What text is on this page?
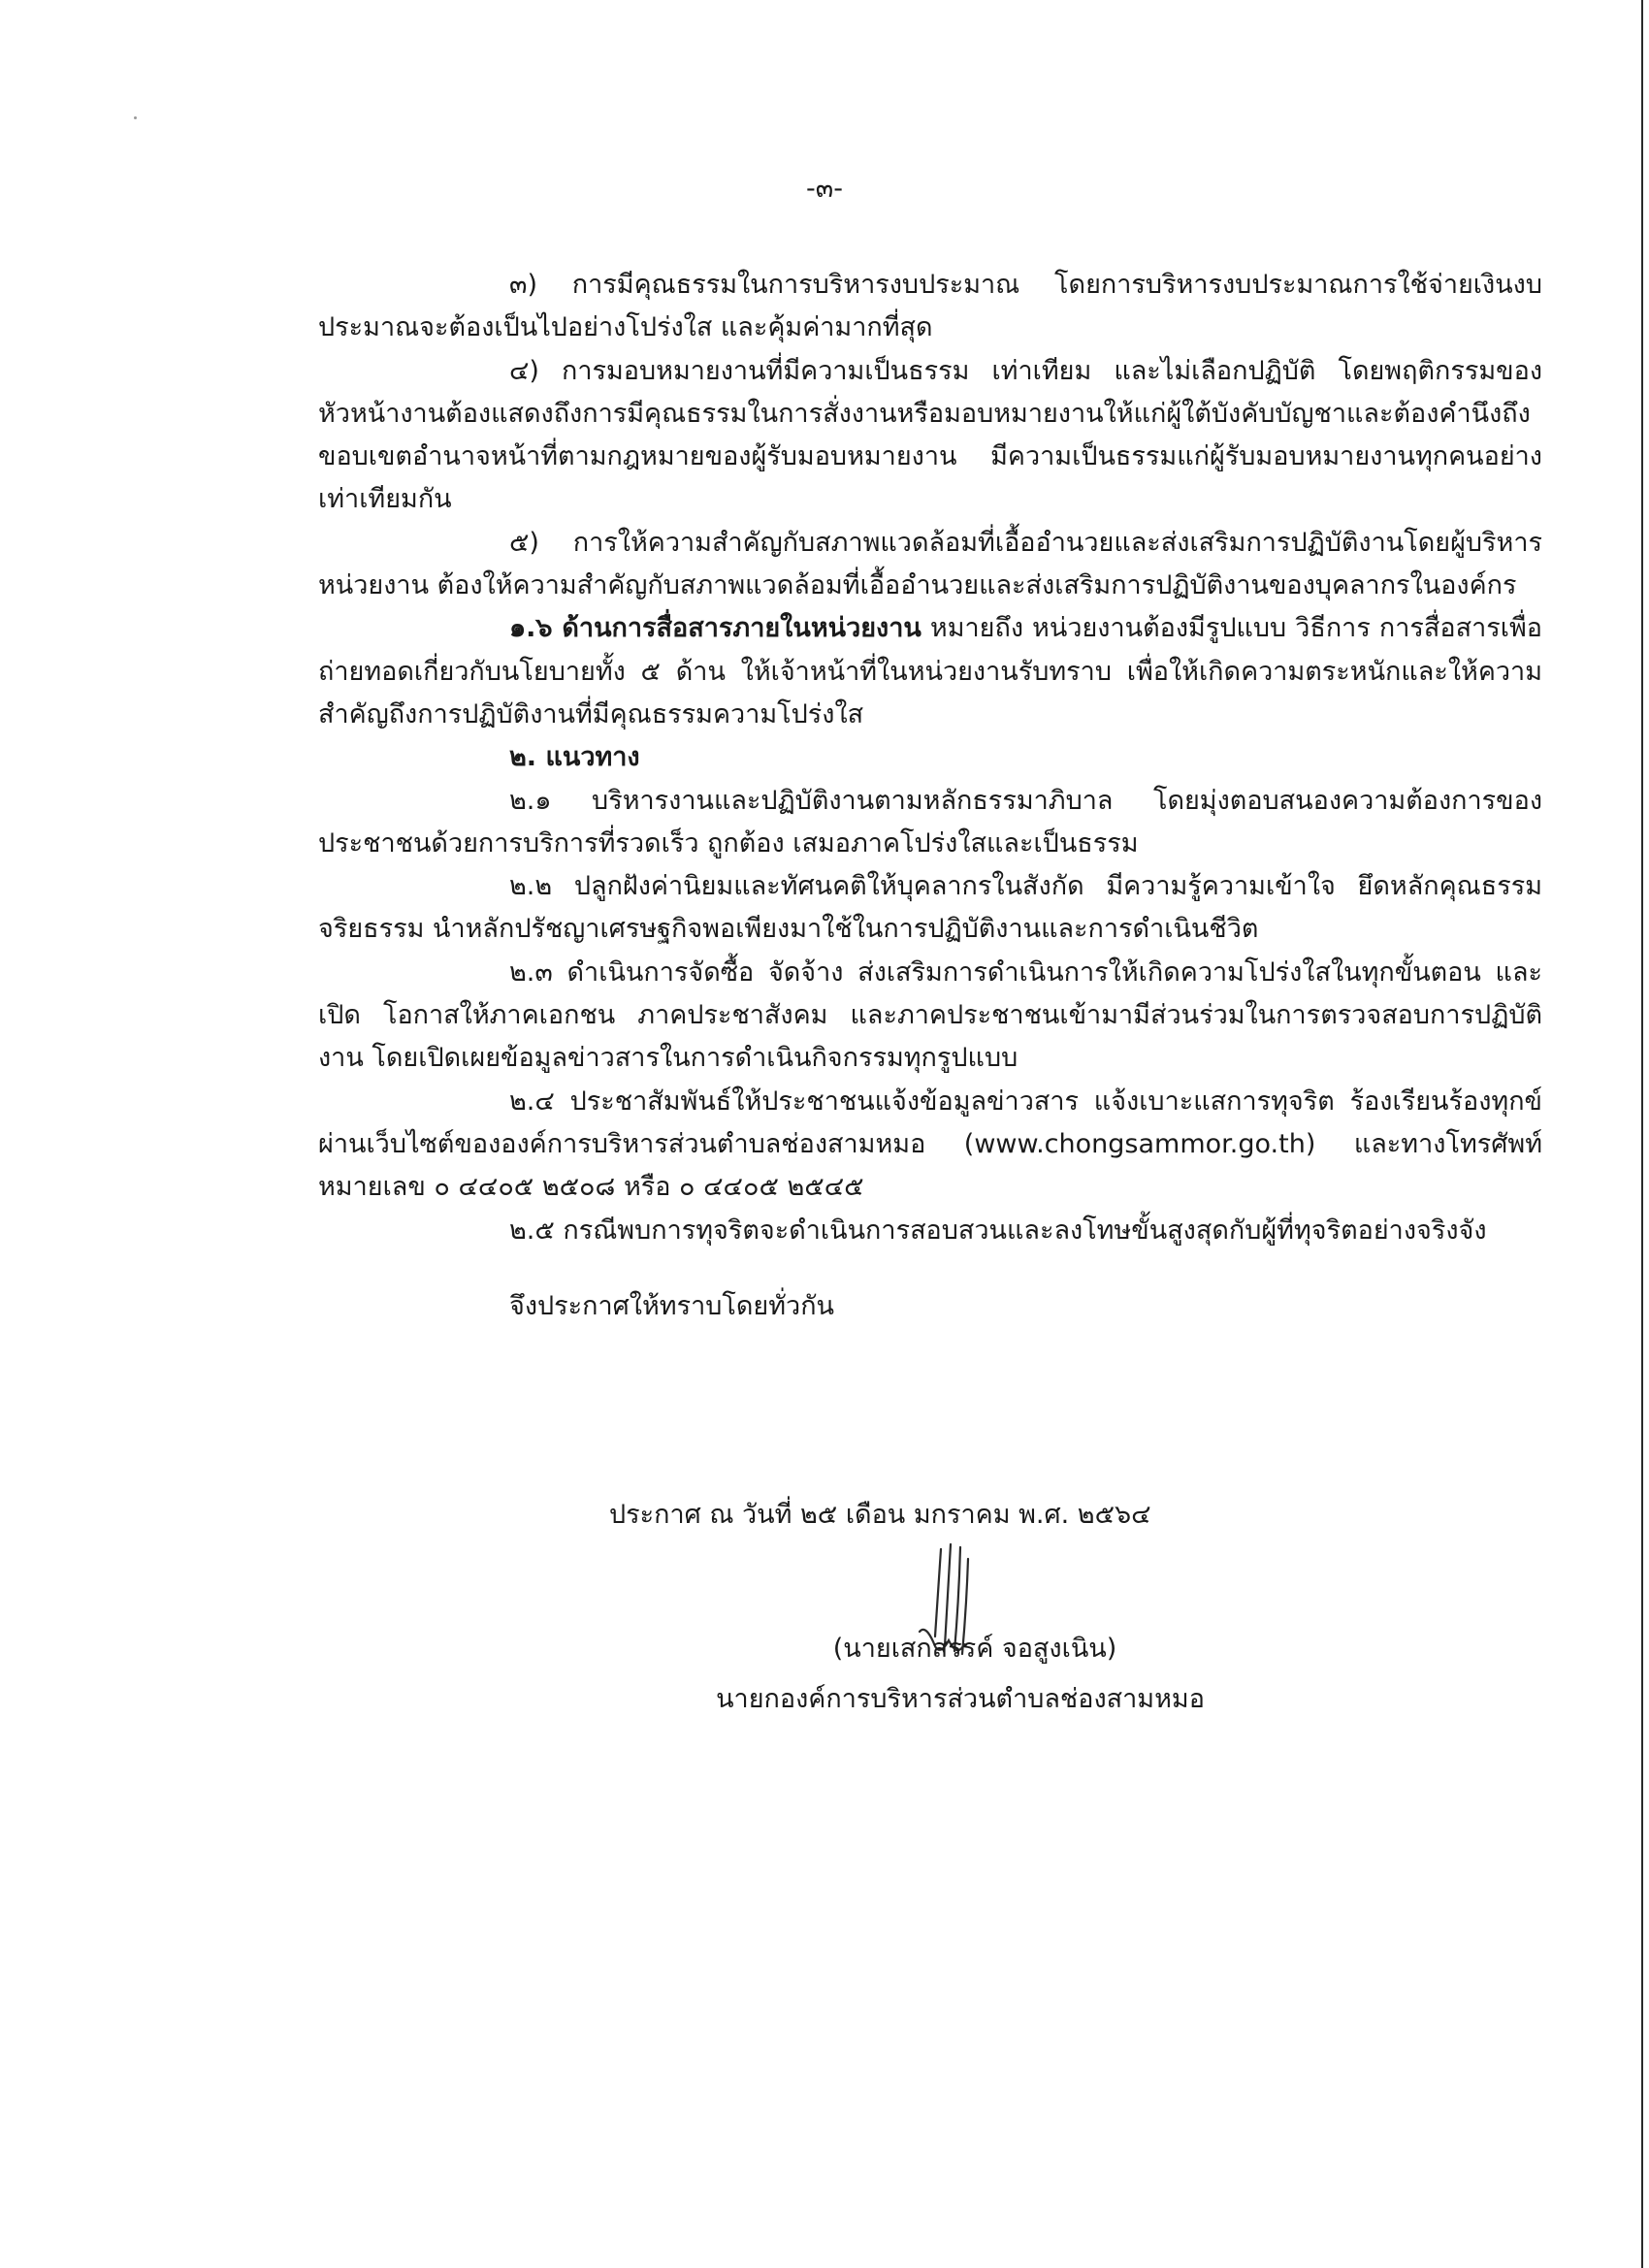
-๓-

๓) การมีคุณธรรมในการบริหารงบประมาณ โดยการบริหารงบประมาณการใช้จ่ายเงินงบประมาณจะต้องเป็นไปอย่างโปร่งใส และคุ้มค่ามากที่สุด

๔) การมอบหมายงานที่มีความเป็นธรรม เท่าเทียม และไม่เลือกปฏิบัติ โดยพฤติกรรมของหัวหน้างานต้องแสดงถึงการมีคุณธรรมในการสั่งงานหรือมอบหมายงานให้แก่ผู้ใต้บังคับบัญชาและต้องคำนึงถึงขอบเขตอำนาจหน้าที่ตามกฎหมายของผู้รับมอบหมายงาน มีความเป็นธรรมแก่ผู้รับมอบหมายงานทุกคนอย่างเท่าเทียมกัน

๕) การให้ความสำคัญกับสภาพแวดล้อมที่เอื้ออำนวยและส่งเสริมการปฏิบัติงานโดยผู้บริหารหน่วยงาน ต้องให้ความสำคัญกับสภาพแวดล้อมที่เอื้ออำนวยและส่งเสริมการปฏิบัติงานของบุคลากรในองค์กร

๑.๖ ด้านการสื่อสารภายในหน่วยงาน หมายถึง หน่วยงานต้องมีรูปแบบ วิธีการ การสื่อสารเพื่อ ถ่ายทอดเกี่ยวกับนโยบายทั้ง ๕ ด้าน ให้เจ้าหน้าที่ในหน่วยงานรับทราบ เพื่อให้เกิดความตระหนักและให้ความสำคัญถึงการปฏิบัติงานที่มีคุณธรรมความโปร่งใส

๒. แนวทาง

๒.๑ บริหารงานและปฏิบัติงานตามหลักธรรมาภิบาล โดยมุ่งตอบสนองความต้องการของประชาชนด้วยการบริการที่รวดเร็ว ถูกต้อง เสมอภาคโปร่งใสและเป็นธรรม

๒.๒ ปลูกฝังค่านิยมและทัศนคติให้บุคลากรในสังกัด มีความรู้ความเข้าใจ ยึดหลักคุณธรรมจริยธรรม นำหลักปรัชญาเศรษฐกิจพอเพียงมาใช้ในการปฏิบัติงานและการดำเนินชีวิต

๒.๓ ดำเนินการจัดซื้อ จัดจ้าง ส่งเสริมการดำเนินการให้เกิดความโปร่งใสในทุกขั้นตอน และเปิด โอกาสให้ภาคเอกชน ภาคประชาสังคม และภาคประชาชนเข้ามามีส่วนร่วมในการตรวจสอบการปฏิบัติงาน โดยเปิดเผยข้อมูลข่าวสารในการดำเนินกิจกรรมทุกรูปแบบ

๒.๔ ประชาสัมพันธ์ให้ประชาชนแจ้งข้อมูลข่าวสาร แจ้งเบาะแสการทุจริต ร้องเรียนร้องทุกข์ผ่านเว็บไซต์ขององค์การบริหารส่วนตำบลช่องสามหมอ (www.chongsammor.go.th) และทางโทรศัพท์หมายเลข ๐ ๔๔๐๕ ๒๕๐๘ หรือ ๐ ๔๔๐๕ ๒๕๔๕

๒.๕ กรณีพบการทุจริตจะดำเนินการสอบสวนและลงโทษขั้นสูงสุดกับผู้ที่ทุจริตอย่างจริงจัง

จึงประกาศให้ทราบโดยทั่วกัน

ประกาศ ณ วันที่ ๒๕ เดือน มกราคม พ.ศ. ๒๕๖๔
(นายเสกสรรค์ จอสูงเนิน)
นายกองค์การบริหารส่วนตำบลช่องสามหมอ
